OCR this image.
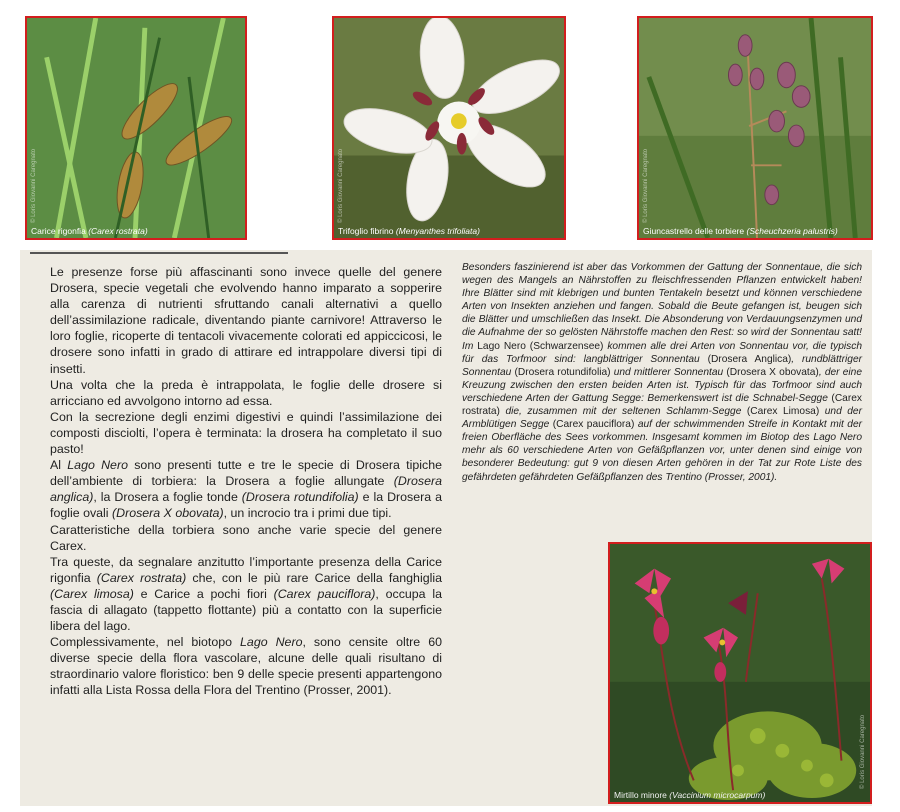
Carice rigonfia (Carex rostrata)
© Loris Giovanni Caregnato
Trifoglio fibrino (Menyanthes trifoliata)
© Loris Giovanni Caregnato
Giuncastrello delle torbiere (Scheuchzeria palustris)
© Loris Giovanni Caregnato

Le presenze forse più affascinanti sono invece quelle del genere Drosera, specie vegetali che evolvendo hanno imparato a sopperire alla carenza di nutrienti sfruttando canali alternativi a quello dell’assimilazione radicale, diventando piante carnivore! Attraverso le loro foglie, ricoperte di tentacoli vivacemente colorati ed appiccicosi, le drosere sono infatti in grado di attirare ed intrappolare diversi tipi di insetti.

Una volta che la preda è intrappolata, le foglie delle drosere si arricciano ed avvolgono intorno ad essa.

Con la secrezione degli enzimi digestivi e quindi l’assimilazione dei composti disciolti, l’opera è terminata: la drosera ha completato il suo pasto!

Al Lago Nero sono presenti tutte e tre le specie di Drosera tipiche dell’ambiente di torbiera: la Drosera a foglie allungate (Drosera anglica), la Drosera a foglie tonde (Drosera rotundifolia) e la Drosera a foglie ovali (Drosera X obovata), un incrocio tra i primi due tipi.

Caratteristiche della torbiera sono anche varie specie del genere Carex.

Tra queste, da segnalare anzitutto l’importante presenza della Carice rigonfia (Carex rostrata) che, con le più rare Carice della fanghiglia (Carex limosa) e Carice a pochi fiori (Carex pauciflora), occupa la fascia di allagato (tappetto flottante) più a contatto con la superficie libera del lago.

Complessivamente, nel biotopo Lago Nero, sono censite oltre 60 diverse specie della flora vascolare, alcune delle quali risultano di straordinario valore floristico: ben 9 delle specie presenti appartengono infatti alla Lista Rossa della Flora del Trentino (Prosser, 2001).

Besonders faszinierend ist aber das Vorkommen der Gattung der Sonnentaue, die sich wegen des Mangels an Nährstoffen zu fleischfressenden Pflanzen entwickelt haben! Ihre Blätter sind mit klebrigen und bunten Tentakeln besetzt und können verschiedene Arten von Insekten anziehen und fangen. Sobald die Beute gefangen ist, beugen sich die Blätter und umschließen das Insekt. Die Absonderung von Verdauungsenzymen und die Aufnahme der so gelösten Nährstoffe machen den Rest: so wird der Sonnentau satt! Im Lago Nero (Schwarzensee) kommen alle drei Arten von Sonnentau vor, die typisch für das Torfmoor sind: langblättriger Sonnentau (Drosera Anglica), rundblättriger Sonnentau (Drosera rotundifolia) und mittlerer Sonnentau (Drosera X obovata), der eine Kreuzung zwischen den ersten beiden Arten ist. Typisch für das Torfmoor sind auch verschiedene Arten der Gattung Segge: Bemerkenswert ist die Schnabel-Segge (Carex rostrata) die, zusammen mit der seltenen Schlamm-Segge (Carex Limosa) und der Armblütigen Segge (Carex pauciflora) auf der schwimmenden Streife in Kontakt mit der freien Oberfläche des Sees vorkommen. Insgesamt kommen im Biotop des Lago Nero mehr als 60 verschiedene Arten von Gefäßpflanzen vor, unter denen sind einige von besonderer Bedeutung: gut 9 von diesen Arten gehören in der Tat zur Rote Liste des gefährdeten gefährdeten Gefäßpflanzen des Trentino (Prosser, 2001).

Mirtillo minore (Vaccinium microcarpum)
© Loris Giovanni Caregnato
